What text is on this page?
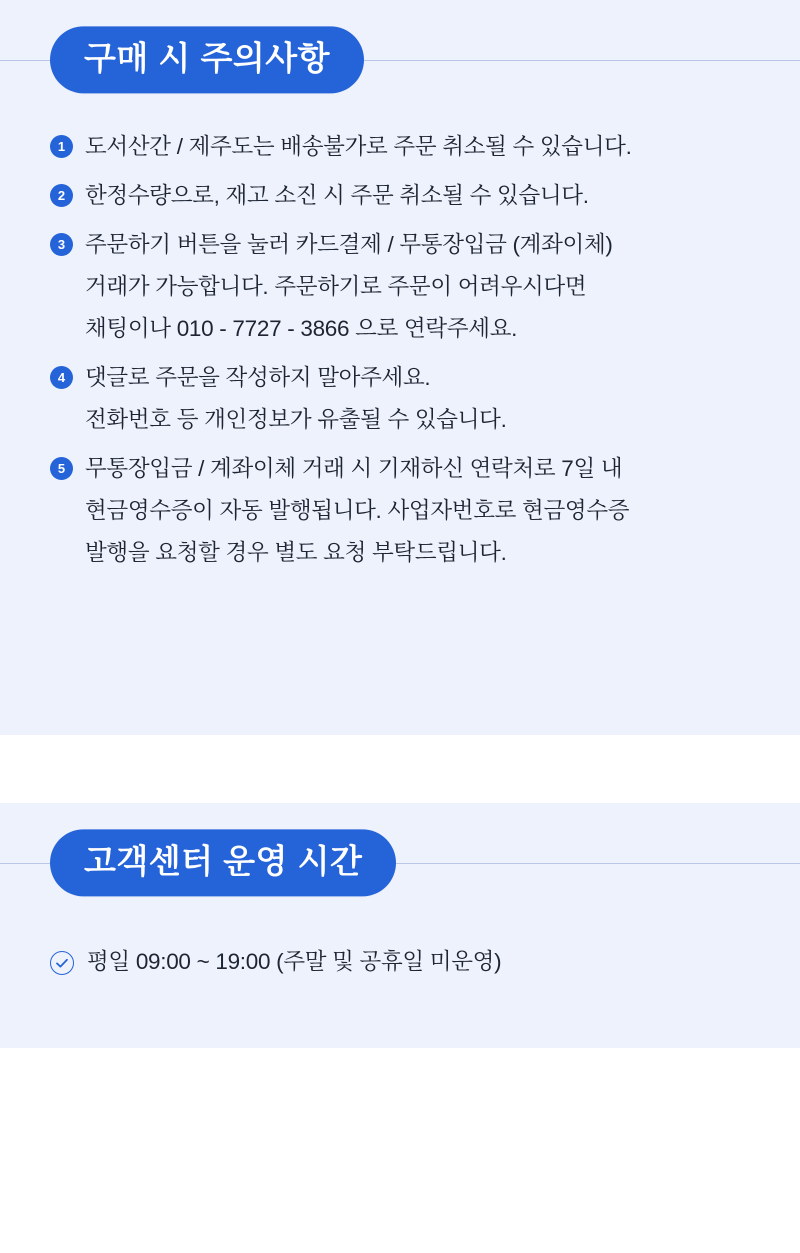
구매 시 주의사항
1 도서산간 / 제주도는 배송불가로 주문 취소될 수 있습니다.
2 한정수량으로, 재고 소진 시 주문 취소될 수 있습니다.
3 주문하기 버튼을 눌러 카드결제 / 무통장입금 (계좌이체)
거래가 가능합니다. 주문하기로 주문이 어려우시다면
채팅이나 010 - 7727 - 3866 으로 연락주세요.
4 댓글로 주문을 작성하지 말아주세요.
전화번호 등 개인정보가 유출될 수 있습니다.
5 무통장입금 / 계좌이체 거래 시 기재하신 연락처로 7일 내
현금영수증이 자동 발행됩니다. 사업자번호로 현금영수증
발행을 요청할 경우 별도 요청 부탁드립니다.
고객센터 운영 시간
평일 09:00 ~ 19:00 (주말 및 공휴일 미운영)
